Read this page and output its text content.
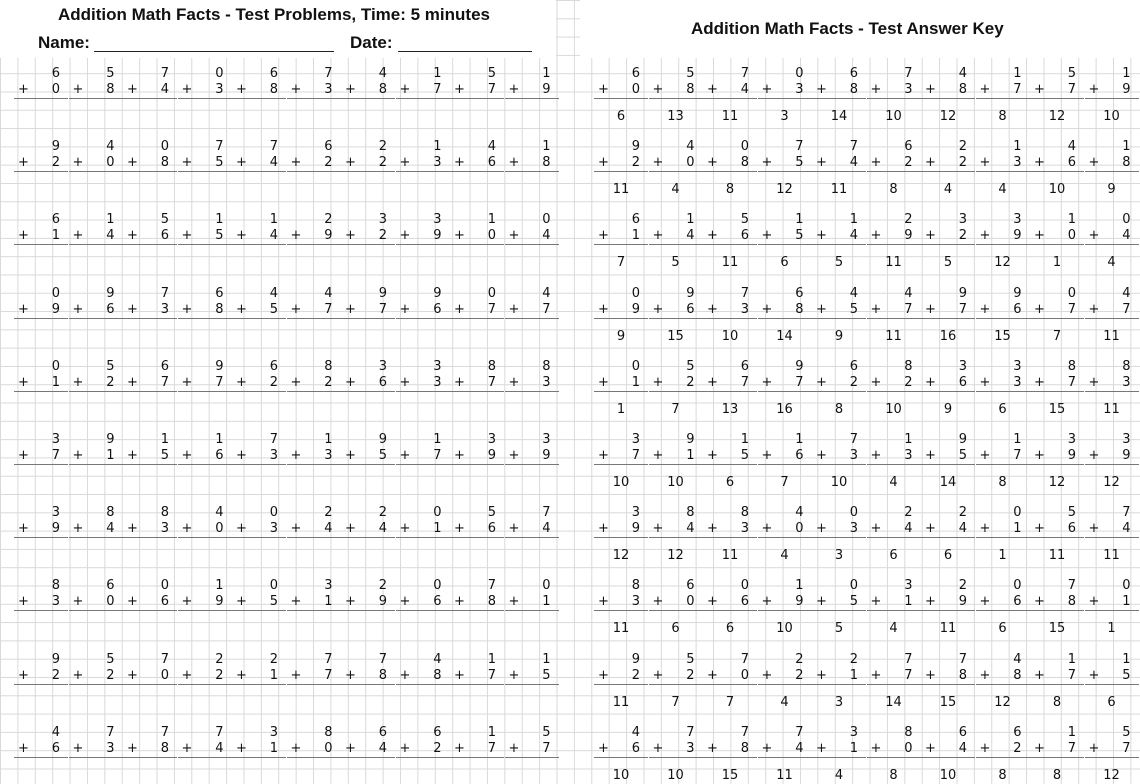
Addition Math Facts - Test Problems, Time: 5 minutes
Name:	Date:
6
+ 0
5
+ 8
7
+ 4
0
+ 3
6
+ 8
7
+ 3
4
+ 8
1
+ 7
5
+ 7
1
+ 9
9
+ 2
4
+ 0
0
+ 8
7
+ 5
7
+ 4
6
+ 2
2
+ 2
1
+ 3
4
+ 6
1
+ 8
6
+ 1
1
+ 4
5
+ 6
1
+ 5
1
+ 4
2
+ 9
3
+ 2
3
+ 9
1
+ 0
0
+ 4
0
+ 9
9
+ 6
7
+ 3
6
+ 8
4
+ 5
4
+ 7
9
+ 7
9
+ 6
0
+ 7
4
+ 7
0
+ 1
5
+ 2
6
+ 7
9
+ 7
6
+ 2
8
+ 2
3
+ 6
3
+ 3
8
+ 7
8
+ 3
3
+ 7
9
+ 1
1
+ 5
1
+ 6
7
+ 3
1
+ 3
9
+ 5
1
+ 7
3
+ 9
3
+ 9
3
+ 9
8
+ 4
8
+ 3
4
+ 0
0
+ 3
2
+ 4
2
+ 4
0
+ 1
5
+ 6
7
+ 4
8
+ 3
6
+ 0
0
+ 6
1
+ 9
0
+ 5
3
+ 1
2
+ 9
0
+ 6
7
+ 8
0
+ 1
9
+ 2
5
+ 2
7
+ 0
2
+ 2
2
+ 1
7
+ 7
7
+ 8
4
+ 8
1
+ 7
1
+ 5
4
+ 6
7
+ 3
7
+ 8
7
+ 4
3
+ 1
8
+ 0
6
+ 4
6
+ 2
1
+ 7
5
+ 7
Addition Math Facts - Test Answer Key
6
+ 0
6
5
+ 8
13
7
+ 4
11
0
+ 3
3
6
+ 8
14
7
+ 3
10
4
+ 8
12
1
+ 7
8
5
+ 7
12
1
+ 9
10
9
+ 2
11
4
+ 0
4
0
+ 8
8
7
+ 5
12
7
+ 4
11
6
+ 2
8
2
+ 2
4
1
+ 3
4
4
+ 6
10
1
+ 8
9
6
+ 1
7
1
+ 4
5
5
+ 6
11
1
+ 5
6
1
+ 4
5
2
+ 9
11
3
+ 2
5
3
+ 9
12
1
+ 0
1
0
+ 4
4
0
+ 9
9
9
+ 6
15
7
+ 3
10
6
+ 8
14
4
+ 5
9
4
+ 7
11
9
+ 7
16
9
+ 6
15
0
+ 7
7
4
+ 7
11
0
+ 1
1
5
+ 2
7
6
+ 7
13
9
+ 7
16
6
+ 2
8
8
+ 2
10
3
+ 6
9
3
+ 3
6
8
+ 7
15
8
+ 3
11
3
+ 7
10
9
+ 1
10
1
+ 5
6
1
+ 6
7
7
+ 3
10
1
+ 3
4
9
+ 5
14
1
+ 7
8
3
+ 9
12
3
+ 9
12
3
+ 9
12
8
+ 4
12
8
+ 3
11
4
+ 0
4
0
+ 3
3
2
+ 4
6
2
+ 4
6
0
+ 1
1
5
+ 6
11
7
+ 4
11
8
+ 3
11
6
+ 0
6
0
+ 6
6
1
+ 9
10
0
+ 5
5
3
+ 1
4
2
+ 9
11
0
+ 6
6
7
+ 8
15
0
+ 1
1
9
+ 2
11
5
+ 2
7
7
+ 0
7
2
+ 2
4
2
+ 1
3
7
+ 7
14
7
+ 8
15
4
+ 8
12
1
+ 7
8
1
+ 5
6
4
+ 6
10
7
+ 3
10
7
+ 8
15
7
+ 4
11
3
+ 1
4
8
+ 0
8
6
+ 4
10
6
+ 2
8
1
+ 7
8
5
+ 7
12
